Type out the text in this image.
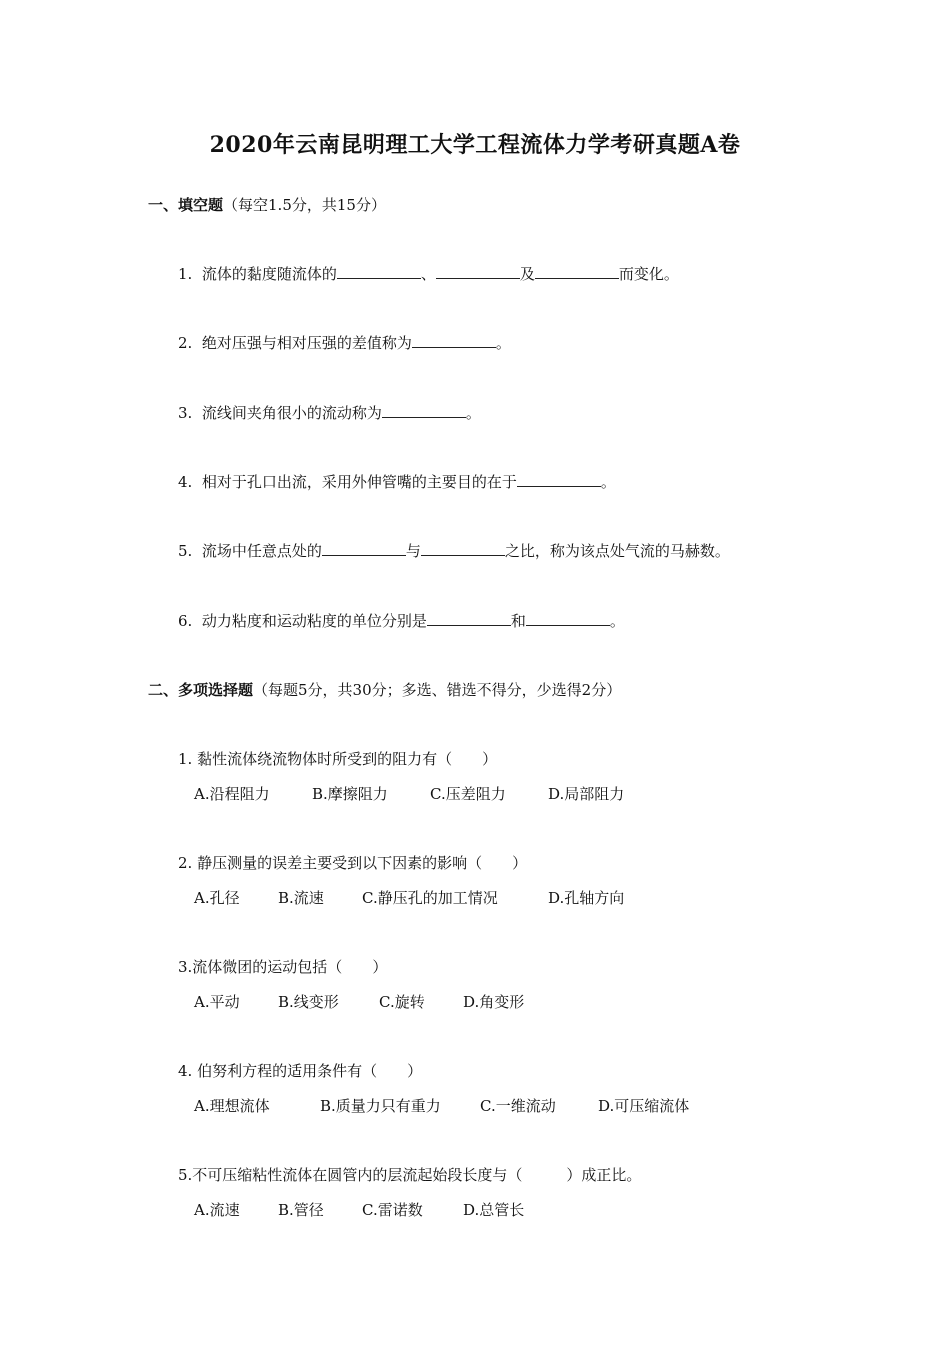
2020年云南昆明理工大学工程流体力学考研真题A卷
一、填空题（每空1.5分，共15分）
1. 流体的黏度随流体的	、	及	而变化。
2. 绝对压强与相对压强的差值称为	。
3. 流线间夹角很小的流动称为	。
4. 相对于孔口出流，采用外伸管嘴的主要目的在于	。
5. 流场中任意点处的	与	之比，称为该点处气流的马赫数。
6. 动力粘度和运动粘度的单位分别是	和	。
二、多项选择题（每题5分，共30分；多选、错选不得分，少选得2分）
1. 黏性流体绕流物体时所受到的阻力有（ ）
A.沿程阻力	B.摩擦阻力	C.压差阻力	D.局部阻力
2. 静压测量的误差主要受到以下因素的影响（ ）
A.孔径	B.流速	C.静压孔的加工情况	D.孔轴方向
3.流体微团的运动包括（ ）
A.平动	B.线变形	C.旋转	D.角变形
4. 伯努利方程的适用条件有（ ）
A.理想流体	B.质量力只有重力	C.一维流动	D.可压缩流体
5.不可压缩粘性流体在圆管内的层流起始段长度与（	）成正比。
A.流速	B.管径	C.雷诺数	D.总管长
